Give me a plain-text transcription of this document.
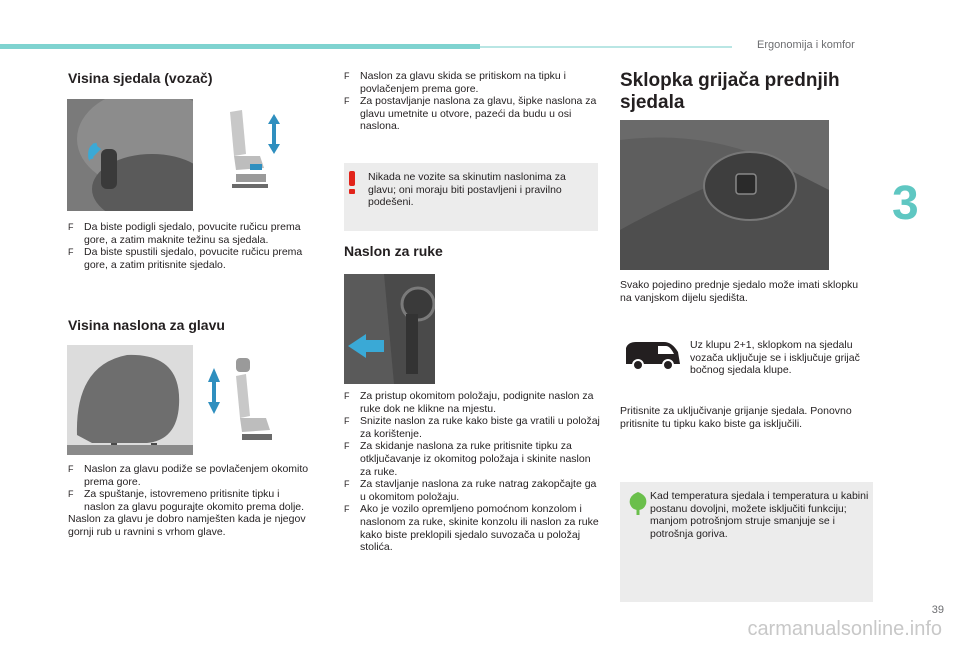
Ergonomija i komfor
3
Visina sjedala (vozač)
F Da biste podigli sjedalo, povucite ručicu prema gore, a zatim maknite težinu sa sjedala.
F Da biste spustili sjedalo, povucite ručicu prema gore, a zatim pritisnite sjedalo.
Visina naslona za glavu
F Naslon za glavu podiže se povlačenjem okomito prema gore.
F Za spuštanje, istovremeno pritisnite tipku i naslon za glavu pogurajte okomito prema dolje.

Naslon za glavu je dobro namješten kada je njegov gornji rub u ravnini s vrhom glave.

F Naslon za glavu skida se pritiskom na tipku i povlačenjem prema gore.
F Za postavljanje naslona za glavu, šipke naslona za glavu umetnite u otvore, pazeći da budu u osi naslona.
Nikada ne vozite sa skinutim naslonima za glavu; oni moraju biti postavljeni i pravilno podešeni.
Naslon za ruke
F Za pristup okomitom položaju, podignite naslon za ruke dok ne klikne na mjestu.
F Snizite naslon za ruke kako biste ga vratili u položaj za korištenje.
F Za skidanje naslona za ruke pritisnite tipku za otključavanje iz okomitog položaja i skinite naslon za ruke.
F Za stavljanje naslona za ruke natrag zakopčajte ga u okomitom položaju.
F Ako je vozilo opremljeno pomoćnom konzolom i naslonom za ruke, skinite konzolu ili naslon za ruke kako biste preklopili sjedalo suvozača u položaj stolića.
Sklopka grijača prednjih sjedala
Svako pojedino prednje sjedalo može imati sklopku na vanjskom dijelu sjedišta.
Uz klupu 2+1, sklopkom na sjedalu vozača uključuje se i isključuje grijač bočnog sjedala klupe.
Pritisnite za uključivanje grijanje sjedala. Ponovno pritisnite tu tipku kako biste ga isključili.
Kad temperatura sjedala i temperatura u kabini postanu dovoljni, možete isključiti funkciju; manjom potrošnjom struje smanjuje se i potrošnja goriva.
39
carmanualsonline.info
